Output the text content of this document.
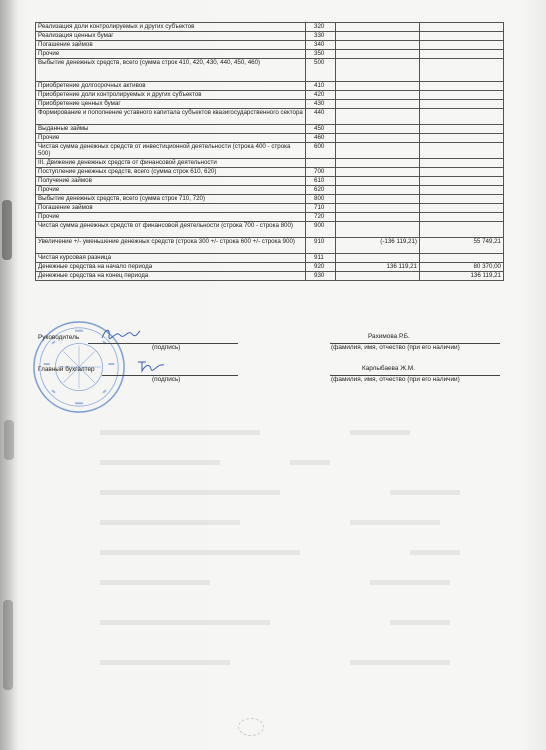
Реализация доли контролируемых и других субъектов	320		
Реализация ценных бумаг	330		
Погашение займов	340		
Прочие	350		
Выбытие денежных средств, всего (сумма строк 410, 420, 430, 440, 450, 460)	500		
Приобретение долгосрочных активов	410		
Приобретение доли контролируемых и других субъектов	420		
Приобретение ценных бумаг	430		
Формирование и пополнение уставного капитала субъектов квазигосударственного сектора	440		
Выданные займы	450		
Прочие	460		
Чистая сумма денежных средств от инвестиционной деятельности (строка 400 - строка 500)	600		
III. Движение денежных средств от финансовой деятельности			
Поступление денежных средств, всего (сумма строк 610, 620)	700		
Получение займов	610		
Прочие	620		
Выбытие денежных средств, всего (сумма строк 710, 720)	800		
Погашение займов	710		
Прочие	720		
Чистая сумма денежных средств от финансовой деятельности (строка 700 - строка 800)	900		
Увеличение +/- уменьшение денежных средств (строка 300 +/- строка 600 +/- строка 900)	910	(-136 119,21)	55 749,21
Чистая курсовая разница	911		
Денежные средства на начало периода	920	136 119,21	80 370,00
Денежные средства на конец периода	930		136 119,21
Руководитель
(подпись)
Рахимова Р.Б.
(фамилия, имя, отчество (при его наличии)
Главный бухгалтер
(подпись)
Карлыбаева Ж.М.
(фамилия, имя, отчество (при его наличии)
